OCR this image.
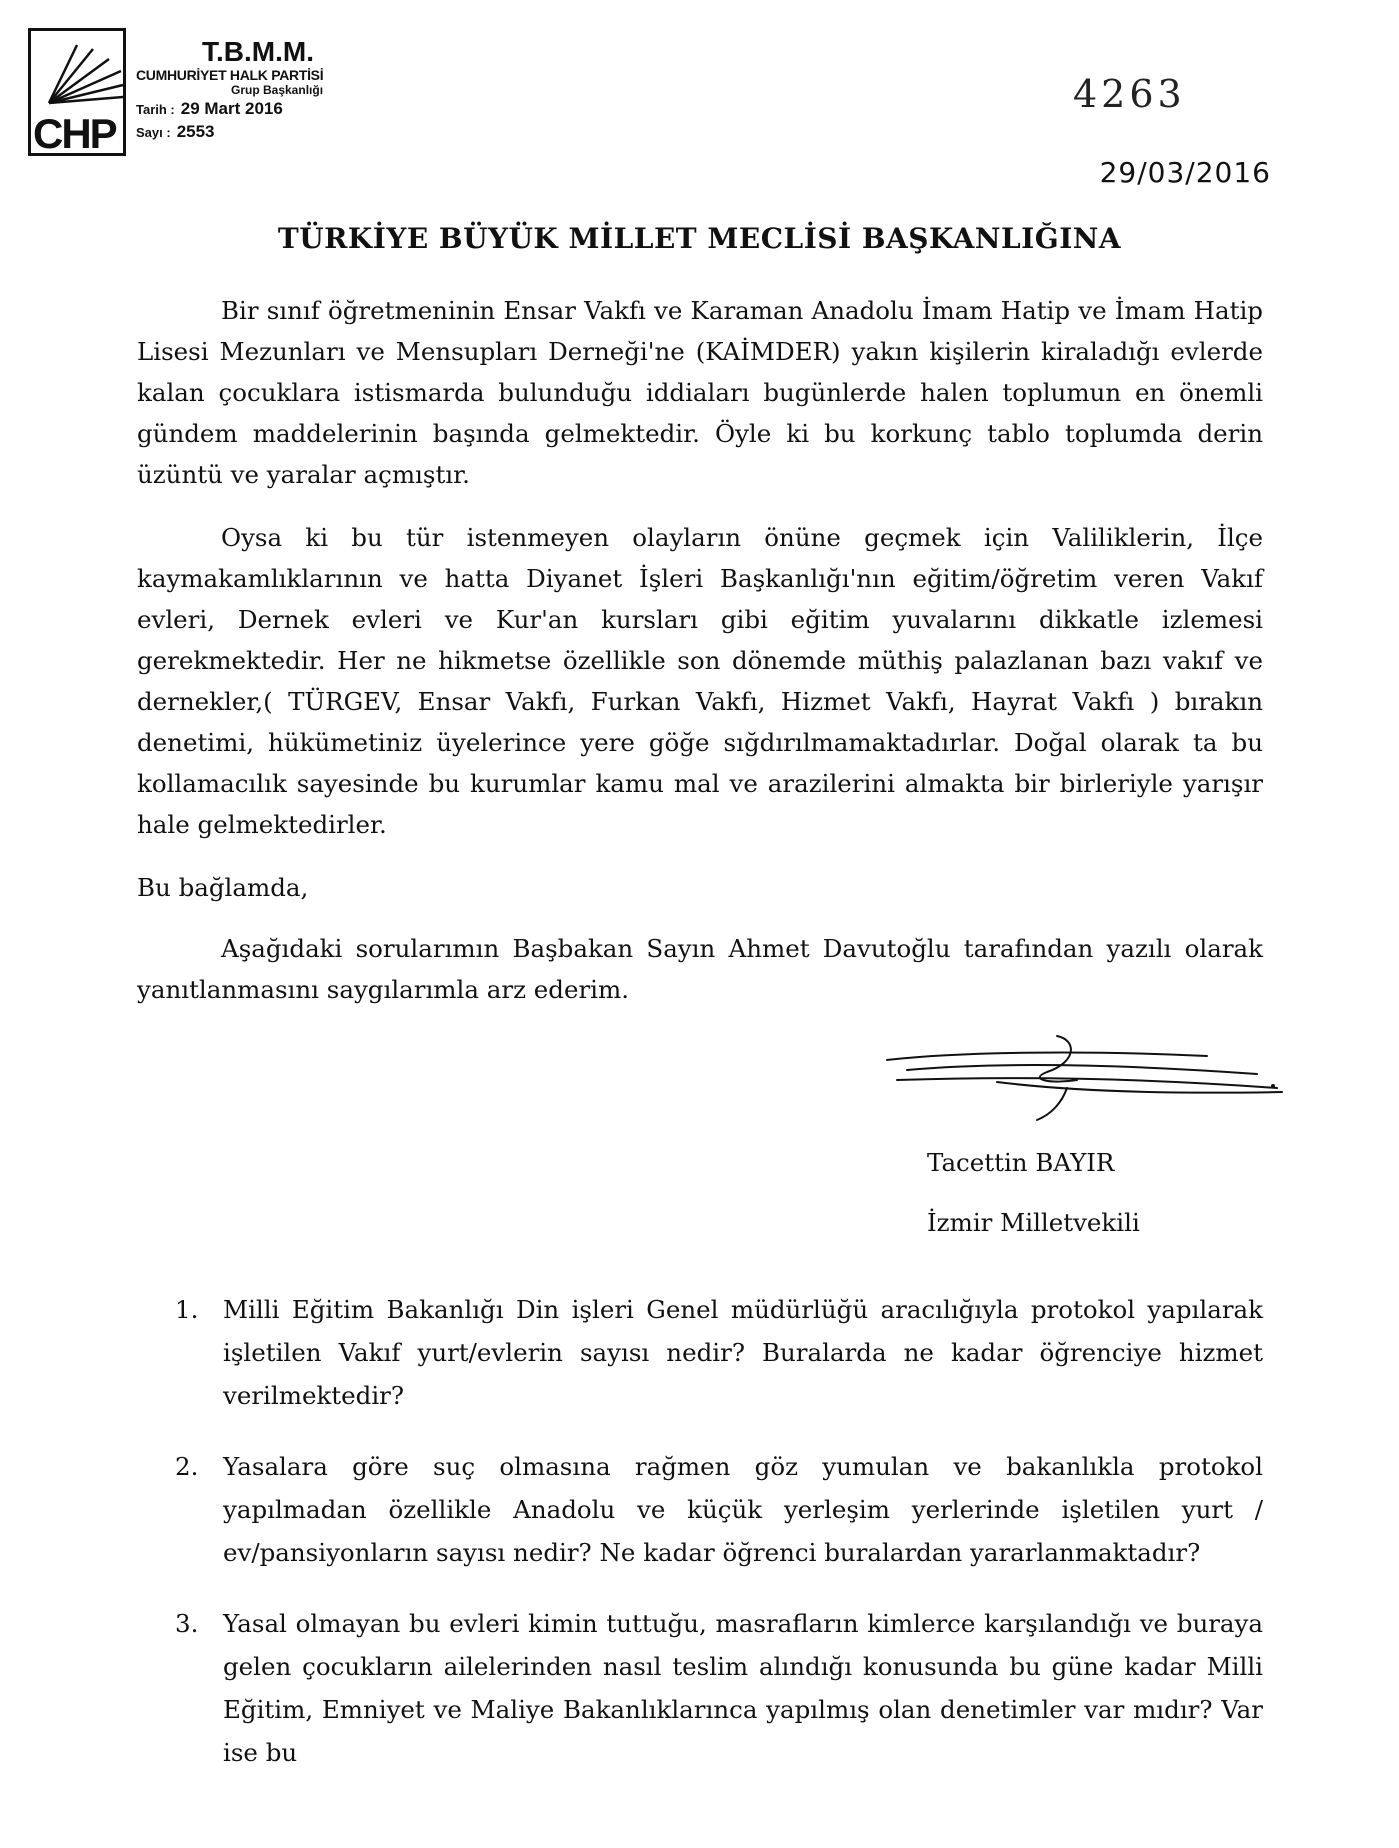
CHP
T.B.M.M.
CUMHURİYET HALK PARTİSİ
Grup Başkanlığı
Tarih : 29 Mart 2016
Sayı : 2553
4263
29/03/2016
TÜRKİYE BÜYÜK MİLLET MECLİSİ BAŞKANLIĞINA

Bir sınıf öğretmeninin Ensar Vakfı ve Karaman Anadolu İmam Hatip ve İmam Hatip Lisesi Mezunları ve Mensupları Derneği'ne (KAİMDER) yakın kişilerin kiraladığı evlerde kalan çocuklara istismarda bulunduğu iddiaları bugünlerde halen toplumun en önemli gündem maddelerinin başında gelmektedir. Öyle ki bu korkunç tablo toplumda derin üzüntü ve yaralar açmıştır.

Oysa ki bu tür istenmeyen olayların önüne geçmek için Valiliklerin, İlçe kaymakamlıklarının ve hatta Diyanet İşleri Başkanlığı'nın eğitim/öğretim veren Vakıf evleri, Dernek evleri ve Kur'an kursları gibi eğitim yuvalarını dikkatle izlemesi gerekmektedir. Her ne hikmetse özellikle son dönemde müthiş palazlanan bazı vakıf ve dernekler,( TÜRGEV, Ensar Vakfı, Furkan Vakfı, Hizmet Vakfı, Hayrat Vakfı ) bırakın denetimi, hükümetiniz üyelerince yere göğe sığdırılmamaktadırlar. Doğal olarak ta bu kollamacılık sayesinde bu kurumlar kamu mal ve arazilerini almakta bir birleriyle yarışır hale gelmektedirler.

Bu bağlamda,

Aşağıdaki sorularımın Başbakan Sayın Ahmet Davutoğlu tarafından yazılı olarak yanıtlanmasını saygılarımla arz ederim.

Tacettin BAYIR
İzmir Milletvekili
1. Milli Eğitim Bakanlığı Din işleri Genel müdürlüğü aracılığıyla protokol yapılarak işletilen Vakıf yurt/evlerin sayısı nedir? Buralarda ne kadar öğrenciye hizmet verilmektedir?
2. Yasalara göre suç olmasına rağmen göz yumulan ve bakanlıkla protokol yapılmadan özellikle Anadolu ve küçük yerleşim yerlerinde işletilen yurt / ev/pansiyonların sayısı nedir? Ne kadar öğrenci buralardan yararlanmaktadır?
3. Yasal olmayan bu evleri kimin tuttuğu, masrafların kimlerce karşılandığı ve buraya gelen çocukların ailelerinden nasıl teslim alındığı konusunda bu güne kadar Milli Eğitim, Emniyet ve Maliye Bakanlıklarınca yapılmış olan denetimler var mıdır? Var ise bu
